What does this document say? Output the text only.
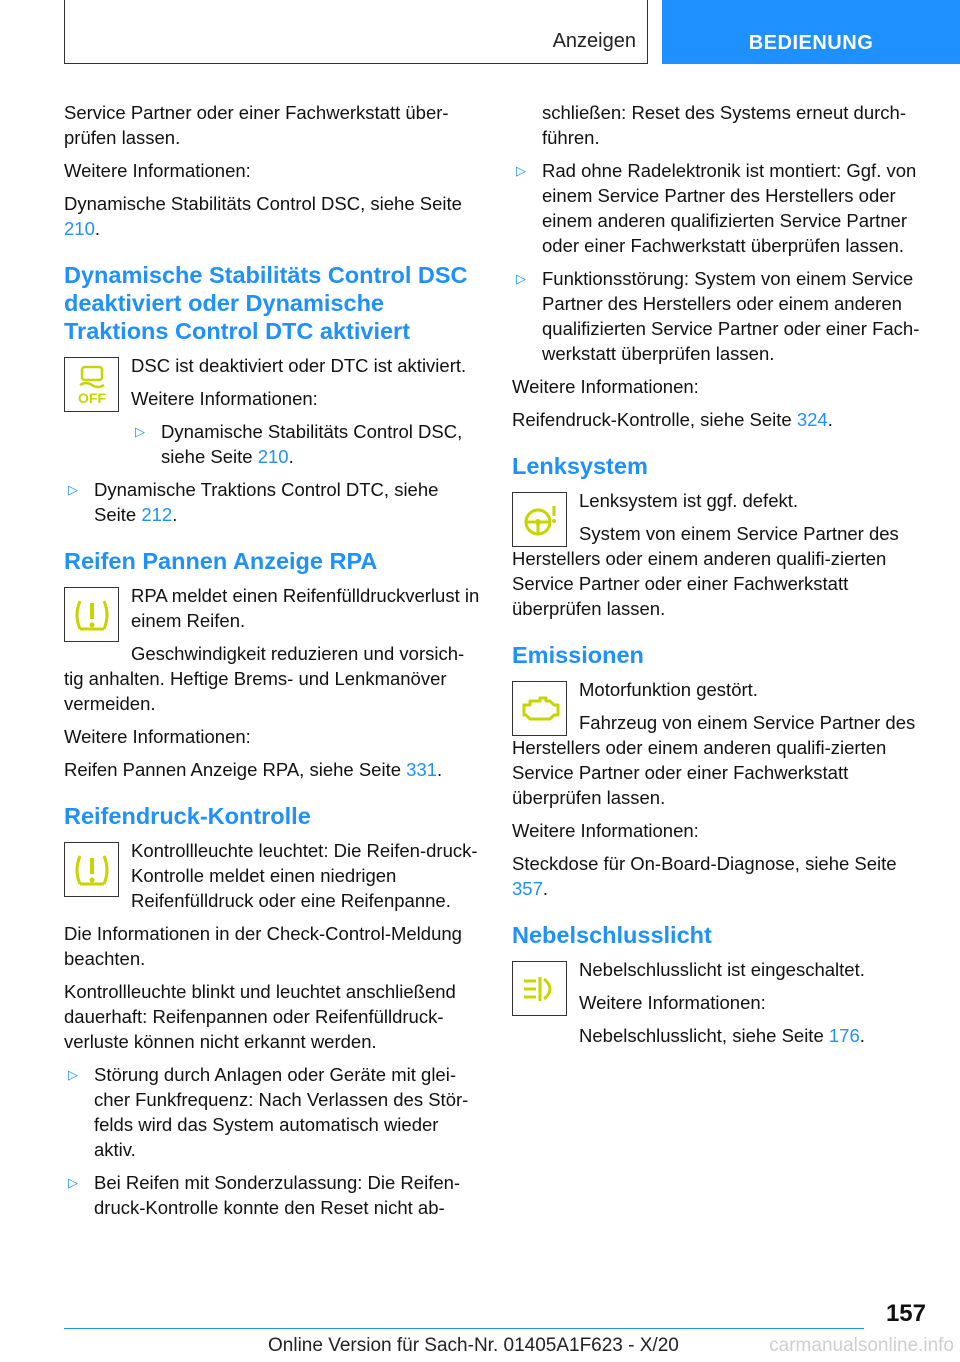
Anzeigen	BEDIENUNG

Service Partner oder einer Fachwerkstatt über‐prüfen lassen.

Weitere Informationen:

Dynamische Stabilitäts Control DSC, siehe Seite 210.

Dynamische Stabilitäts Control DSC deaktiviert oder Dynamische Traktions Control DTC aktiviert
OFF

DSC ist deaktiviert oder DTC ist aktiviert.

Weitere Informationen:

▷ Dynamische Stabilitäts Control DSC, siehe Seite 210.
▷ Dynamische Traktions Control DTC, siehe Seite 212.
Reifen Pannen Anzeige RPA

RPA meldet einen Reifenfülldruckverlust in einem Reifen.

Geschwindigkeit reduzieren und vorsich‐tig anhalten. Heftige Brems- und Lenkmanöver vermeiden.

Weitere Informationen:

Reifen Pannen Anzeige RPA, siehe Seite 331.

Reifendruck-Kontrolle

Kontrollleuchte leuchtet: Die Reifen‐druck-Kontrolle meldet einen niedrigen Reifenfülldruck oder eine Reifenpanne.

Die Informationen in der Check-Control-Meldung beachten.

Kontrollleuchte blinkt und leuchtet anschließend dauerhaft: Reifenpannen oder Reifenfülldruck‐verluste können nicht erkannt werden.

▷ Störung durch Anlagen oder Geräte mit glei‐cher Funkfrequenz: Nach Verlassen des Stör‐felds wird das System automatisch wieder aktiv.
▷ Bei Reifen mit Sonderzulassung: Die Reifen‐druck-Kontrolle konnte den Reset nicht ab‐

schließen: Reset des Systems erneut durch‐führen.

▷ Rad ohne Radelektronik ist montiert: Ggf. von einem Service Partner des Herstellers oder einem anderen qualifizierten Service Partner oder einer Fachwerkstatt überprüfen lassen.
▷ Funktionsstörung: System von einem Service Partner des Herstellers oder einem anderen qualifizierten Service Partner oder einer Fach‐werkstatt überprüfen lassen.

Weitere Informationen:

Reifendruck-Kontrolle, siehe Seite 324.

Lenksystem

Lenksystem ist ggf. defekt.

System von einem Service Partner des Herstellers oder einem anderen qualifi‐zierten Service Partner oder einer Fachwerkstatt überprüfen lassen.

Emissionen

Motorfunktion gestört.

Fahrzeug von einem Service Partner des Herstellers oder einem anderen qualifi‐zierten Service Partner oder einer Fachwerkstatt überprüfen lassen.

Weitere Informationen:

Steckdose für On-Board-Diagnose, siehe Seite 357.

Nebelschlusslicht

Nebelschlusslicht ist eingeschaltet.

Weitere Informationen:

Nebelschlusslicht, siehe Seite 176.

157
Online Version für Sach-Nr. 01405A1F623 - X/20	carmanualsonline.info
